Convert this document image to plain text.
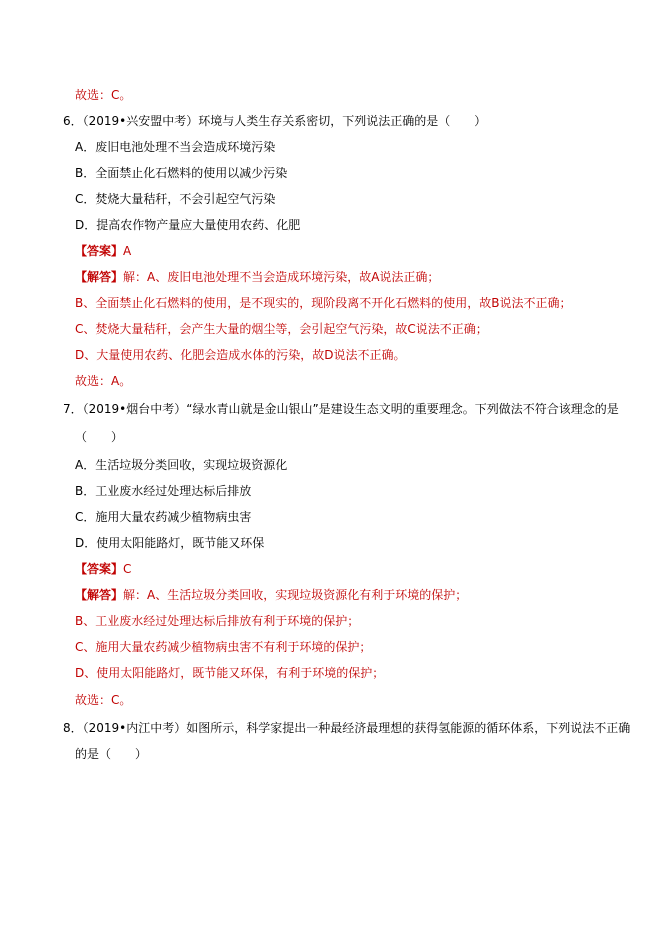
故选：C。
6．（2019•兴安盟中考）环境与人类生存关系密切，下列说法正确的是（　　）
A．废旧电池处理不当会造成环境污染
B．全面禁止化石燃料的使用以减少污染
C．焚烧大量秸秆，不会引起空气污染
D．提高农作物产量应大量使用农药、化肥
【答案】A
【解答】解：A、废旧电池处理不当会造成环境污染，故A说法正确；
B、全面禁止化石燃料的使用，是不现实的，现阶段离不开化石燃料的使用，故B说法不正确；
C、焚烧大量秸秆，会产生大量的烟尘等，会引起空气污染，故C说法不正确；
D、大量使用农药、化肥会造成水体的污染，故D说法不正确。
故选：A。
7．（2019•烟台中考）“绿水青山就是金山银山”是建设生态文明的重要理念。下列做法不符合该理念的是
（　　）
A．生活垃圾分类回收，实现垃圾资源化
B．工业废水经过处理达标后排放
C．施用大量农药减少植物病虫害
D．使用太阳能路灯，既节能又环保
【答案】C
【解答】解：A、生活垃圾分类回收，实现垃圾资源化有利于环境的保护；
B、工业废水经过处理达标后排放有利于环境的保护；
C、施用大量农药减少植物病虫害不有利于环境的保护；
D、使用太阳能路灯，既节能又环保，有利于环境的保护；
故选：C。
8．（2019•内江中考）如图所示，科学家提出一种最经济最理想的获得氢能源的循环体系，下列说法不正确
的是（　　）
